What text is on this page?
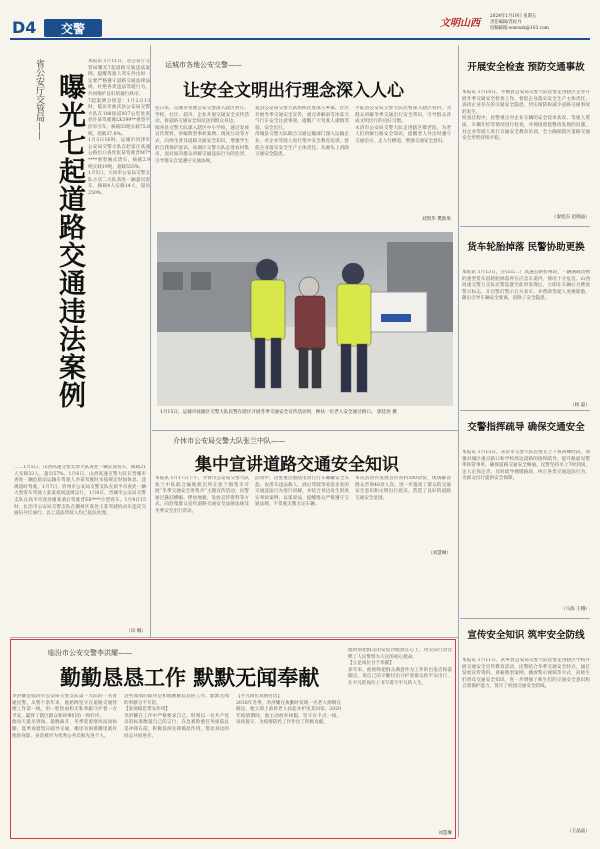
D4	交警	文明山西
2024年1月19日 星期五
责任编辑/苏紀丹
投稿邮箱:wmsxzk@163.com
省公安厅交管局—— 曝光七起道路交通违法案例
本报讯 1月11日，省公安厅交管局曝光7起道路交通违法案例，提醒驾驶人驾车外出时一定要严格遵守道路交通法律法规，杜绝各类违法驾驶行为，共同维护良好的通行秩序。
7起案例分别是：1月2日13时，临汾市曲沃县公安局交警大队在108国道937公里处查处许某驾驶豫LK399**重型半挂牵引车，核载55吨实载75.8吨，超载37.8%。
1月3日16时，运城市河津市公安局交警大队在赵家庄高速公路出口查处张某驾驶晋M7*****重型厢式货车，核载2.9吨实载19吨，超载555%。
1月5日，大同市公安局交警支队小店二大队查处一辆超员客车，核载4人实载14人，超员250%。
……1月5日，山西高速交警太原大队查处一辆长途客车，核载21人实载33人，超员57%。1月6日，山西高速交警大队在晋城市查处一辆危险品运输车驾驶人李某驾驶时未按规定时间休息，违规超时驾驶。1月7日，忻州市公安局交警支队在原平市查处一辆大型客车驾驶人张某夜间违规运行。1月8日，晋城市公安局交警支队在高平市查处谢某酒后驾驶晋E6****小型客车。1月9日15时，长治市公安局交警支队在潞州区查处王某驾驶机动车违反交通信号灯通行。以上违法驾驶人均已依法处理。
（田 娜）
运城市各地公安交警——
让安全文明出行理念深入人心
连日来，运城市各地公安交警深入辖区村庄、学校、社区、超市、企业开展交通安全宣传活动，将道路交通安全知识送到群众身边。
闻喜县交警大队深入辖区中小学校，通过发放宣传资料、讲解典型事故案例、现场互动等方式，向师生普及道路交通安全知识，增强学生的自我保护意识。盐湖区交警大队走进农村集市，面对面向群众讲解交通违法行为的危害，引导群众自觉遵守交通法规。
夏县公安局交警大队组织民警深入乡镇、社区开展冬季交通安全宣传，重点讲解雨雪冰冻天气行车安全注意事项，提醒广大驾驶人谨慎驾驶、安全出行。
芮城县交警大队联合交通运输部门深入运输企业，对企业驾驶人进行集中安全教育培训，督促企业落实安全生产主体责任，从源头上消除交通安全隐患。
平陆县公安局交警大队民警深入辖区农村，为群众讲解冬季交通出行安全常识，引导群众养成文明出行的良好习惯。
永济市公安局交警大队走进辖区敬老院，为老人们讲解行路安全知识，提醒老人外出时遵守交通信号、走人行横道，增强交通安全意识。
刘凯华 樊新果
1月15日，运城市盐湖区交警大队民警在辖区开展冬季交通安全宣传活动时，搀扶一位老人安全通过路口。 郭廷亮 摄
介休市公安局交警大队张兰中队——
集中宣讲道路交通安全知识
本报讯 1月17日下午，介休市公安局交警大队张兰中队联合属地派出所在张兰镇集市开展“冬季交通安全进集市”主题宣传活动，民警通过悬挂横幅、摆放展板、发放宣传资料等方式，向赶集群众宣传道路交通安全法律法规及冬季安全出行常识。
活动中，民警重点围绕电动自行车佩戴安全头盔、农用车违法载人、酒后驾驶等易发多发的交通违法行为进行讲解，并结合身边发生的真实事故案例，以案说法，提醒群众严格遵守交通法规，不驾驶无牌无证车辆。
本次活动共发放宣传资料500余份，现场解答群众咨询40余人次，进一步提高了群众的交通安全意识和文明出行意识，营造了良好的道路交通安全氛围。
（刘慧琳）
临汾市公安交警李洪耀——
勤勤恳恳工作 默默无闻奉献
李洪耀是临汾市公安局交警支队第一大队的一名普通民警。从警十余年来，他始终坚守在道路交通管理工作第一线，用一腔热血和无私奉献守护着一方平安，赢得了辖区群众和同事们的一致好评。
他每天最早到岗、最晚离开，冬季迎着寒风站岗执勤，夏季顶着烈日疏导交通，哪里有困难哪里就有他的身影，多次被评为优秀公务员和先进个人。
这些成绩的取得是和他勤勤恳恳的工作、默默无闻的奉献分不开的。
【发扬模范带头作用】
李洪耀在工作中严格要求自己，时刻以一名共产党员的标准衡量自己的言行，在急难险重任务面前总是冲锋在前，积极发挥先锋模范作用，带动身边的同志共同进步。
【平凡岗位真情付出】
2018年冬季，李洪耀在执勤时发现一名老人摔倒在路边，他立即上前将老人扶起并护送其回家；2020年疫情期间，他主动放弃休假，坚守在卡点一线，昼夜值守，为疫情防控工作作出了积极贡献。
他时刻把群众的安危冷暖放在心上，用实际行动诠释了人民警察为人民的初心使命。
【立足岗位甘于奉献】
多年来，他始终把群众满意作为工作的出发点和落脚点，用自己的辛勤付出守护着群众的平安出行，在平凡的岗位上书写着不平凡的人生。
刘慧琳
开展安全检查 预防交通事故
本报讯 1月16日，平顺县公安局交警大队民警走进辖区企业开展冬季交通安全检查工作，督促企业落实安全生产主体责任，查找企业存在的交通安全隐患，切实预防和减少道路交通事故的发生。
检查过程中，民警重点对企业车辆的安全技术状况、驾驶人资质、车辆年检等情况进行检查，并现场督促整改发现的问题，对企业驾驶人进行交通安全教育培训，全力确保辖区道路交通安全形势持续平稳。
（秦旭东 赵晓晶）
货车轮胎掉落 民警协助更换
本报讯 1月13日，在G55二广高速公路忻州段，一辆满载货物的重型货车因轮胎掉落停在应急车道内，情况十分危急。山西高速交警五支队民警巡逻至此时发现后，立即在车辆后方摆放警示标志，开启警灯警示后方来车，并帮助驾驶人更换轮胎，随后引导车辆安全驶离，消除了安全隐患。
（杨 磊）
交警指挥疏导 确保交通安全
本报讯 1月15日，永济市交警大队民警在上下班高峰时段，加强对城区重点路口和学校周边道路的指挥疏导，提升路面见警率和管事率，确保道路交通安全畅通。民警坚持早上7时到岗，定人定岗定责，及时疏导拥堵路段，纠正各类交通违法行为，为群众出行提供安全保障。
（马海 王峨）
宣传安全知识 筑牢安全防线
本报讯 1月11日，武乡县公安局交警大队民警走进辖区学校开展交通安全宣传教育活动，民警结合冬季交通安全特点，通过发放宣传资料、讲解典型案例、播放警示视频等方式，向师生们普及交通安全知识，进一步增强了师生们的交通安全意识和自我保护能力，筑牢了校园交通安全防线。
（王晶晶）
